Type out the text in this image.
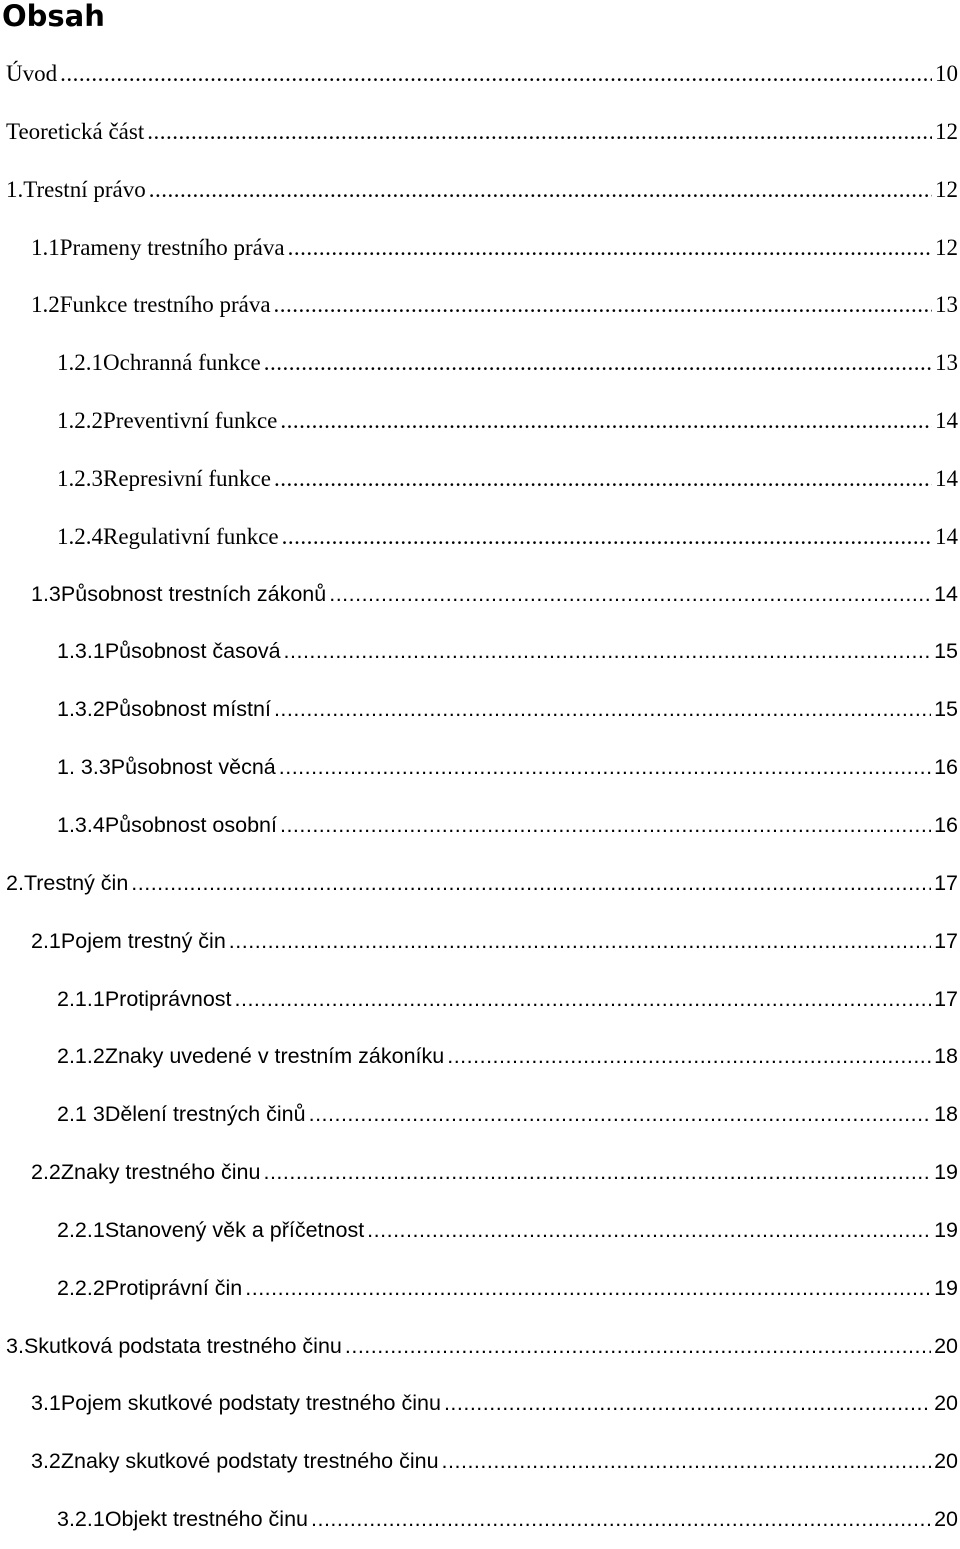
Obsah
Úvod .....	10
Teoretická část .....	12
1. Trestní právo .....	12
1.1 Prameny trestního práva .....	12
1.2 Funkce trestního práva .....	13
1.2.1 Ochranná funkce .....	13
1.2.2 Preventivní funkce .....	14
1.2.3 Represivní funkce .....	14
1.2.4 Regulativní funkce .....	14
1.3 Působnost trestních zákonů .....	14
1.3.1 Působnost časová .....	15
1.3.2 Působnost místní .....	15
1. 3.3 Působnost věcná .....	16
1.3.4 Působnost osobní .....	16
2. Trestný čin .....	17
2.1 Pojem trestný čin .....	17
2.1.1 Protiprávnost .....	17
2.1.2 Znaky uvedené v trestním zákoníku .....	18
2.1 3 Dělení trestných činů .....	18
2.2 Znaky trestného činu .....	19
2.2.1 Stanovený věk a příčetnost .....	19
2.2.2 Protiprávní čin .....	19
3. Skutková podstata trestného činu .....	20
3.1 Pojem skutkové podstaty trestného činu .....	20
3.2 Znaky skutkové podstaty trestného činu .....	20
3.2.1 Objekt trestného činu .....	20
